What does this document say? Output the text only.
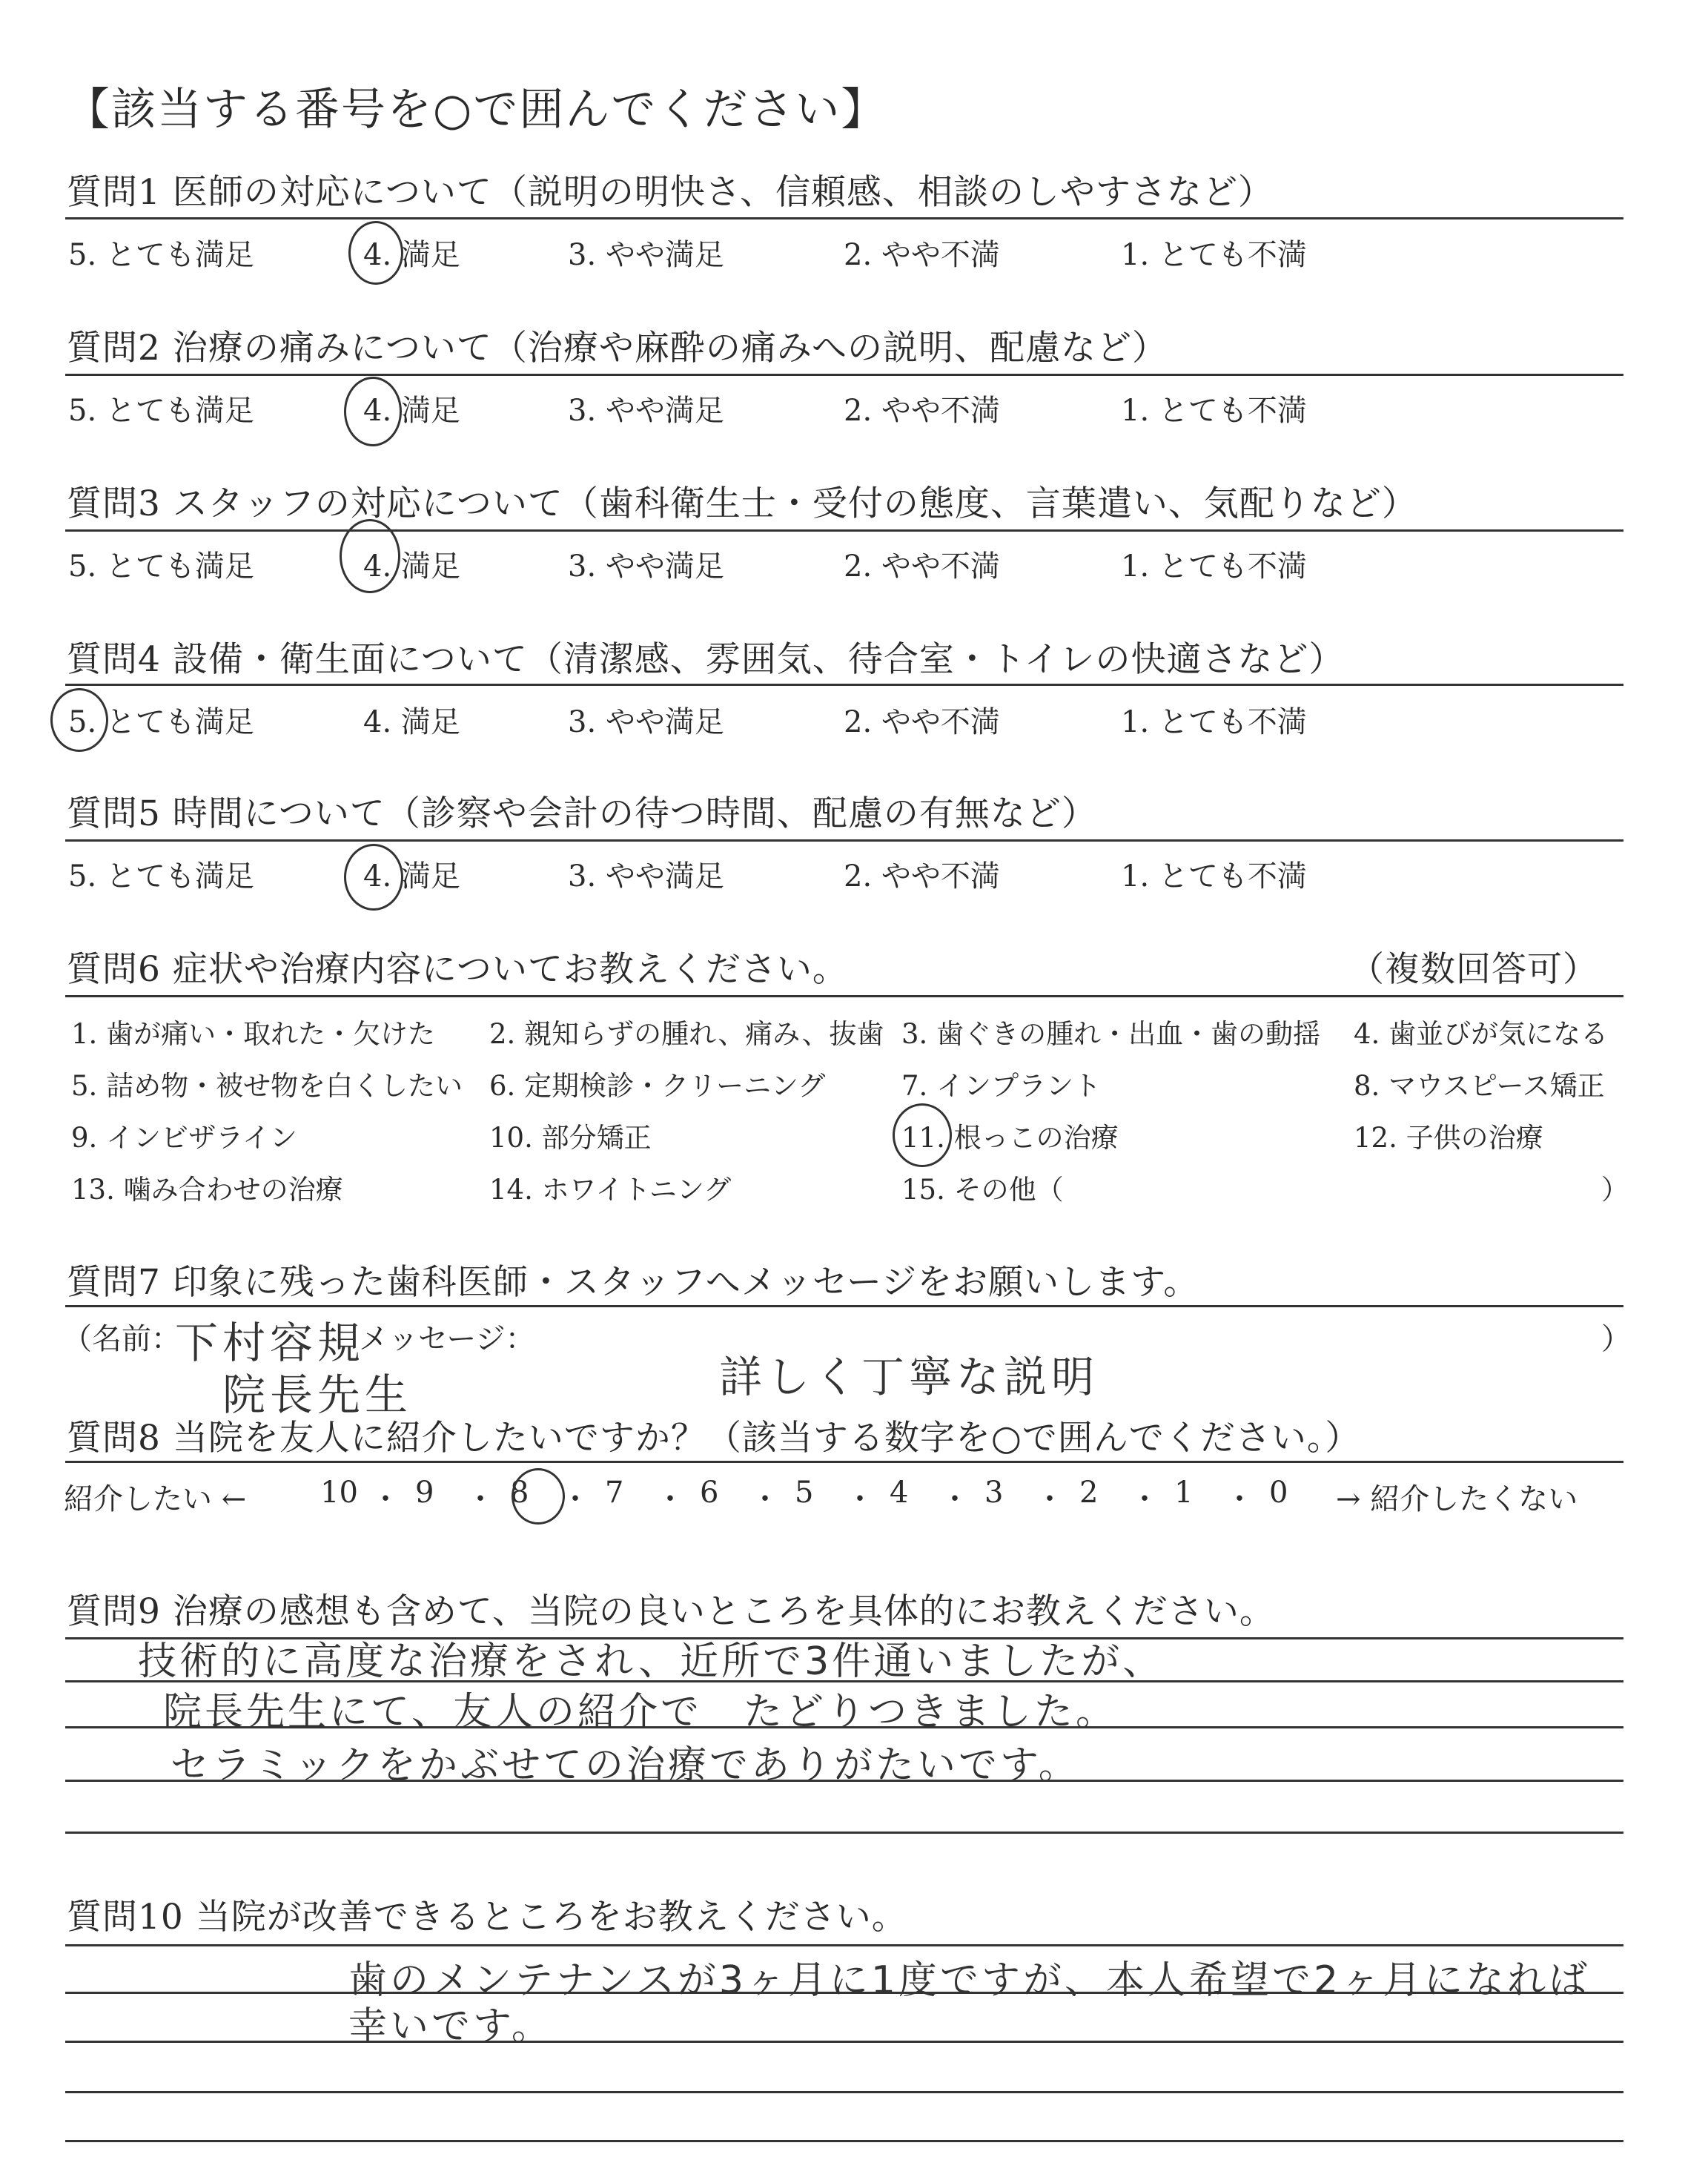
【該当する番号を○で囲んでください】
質問1 医師の対応について（説明の明快さ、信頼感、相談のしやすさなど）
5. とても満足	4. 満足	3. やや満足	2. やや不満	1. とても不満
質問2 治療の痛みについて（治療や麻酔の痛みへの説明、配慮など）
5. とても満足	4. 満足	3. やや満足	2. やや不満	1. とても不満
質問3 スタッフの対応について（歯科衛生士・受付の態度、言葉遣い、気配りなど）
5. とても満足	4. 満足	3. やや満足	2. やや不満	1. とても不満
質問4 設備・衛生面について（清潔感、雰囲気、待合室・トイレの快適さなど）
5. とても満足	4. 満足	3. やや満足	2. やや不満	1. とても不満
質問5 時間について（診察や会計の待つ時間、配慮の有無など）
5. とても満足	4. 満足	3. やや満足	2. やや不満	1. とても不満
質問6 症状や治療内容についてお教えください。	（複数回答可）
1. 歯が痛い・取れた・欠けた 2. 親知らずの腫れ、痛み、抜歯 3. 歯ぐきの腫れ・出血・歯の動揺 4. 歯並びが気になる
5. 詰め物・被せ物を白くしたい 6. 定期検診・クリーニング	7. インプラント	8. マウスピース矯正
9. インビザライン	10. 部分矯正	11. 根っこの治療	12. 子供の治療
13. 噛み合わせの治療	14. ホワイトニング	15. その他（	）
質問7 印象に残った歯科医師・スタッフへメッセージをお願いします。
（名前：	メッセージ：	）
下村容規
院長先生	詳しく丁寧な説明
質問8 当院を友人に紹介したいですか？（該当する数字を○で囲んでください。）
紹介したい ←	→ 紹介したくない
10 ・ 9 ・ 8 ・ 7 ・ 6 ・ 5 ・ 4 ・ 3 ・ 2 ・ 1 ・ 0
質問9 治療の感想も含めて、当院の良いところを具体的にお教えください。
技術的に高度な治療をされ、近所で3件通いましたが、
院長先生にて、友人の紹介で　たどりつきました。
セラミックをかぶせての治療でありがたいです。
質問10 当院が改善できるところをお教えください。
歯のメンテナンスが3ヶ月に1度ですが、本人希望で2ヶ月になれば
幸いです。
